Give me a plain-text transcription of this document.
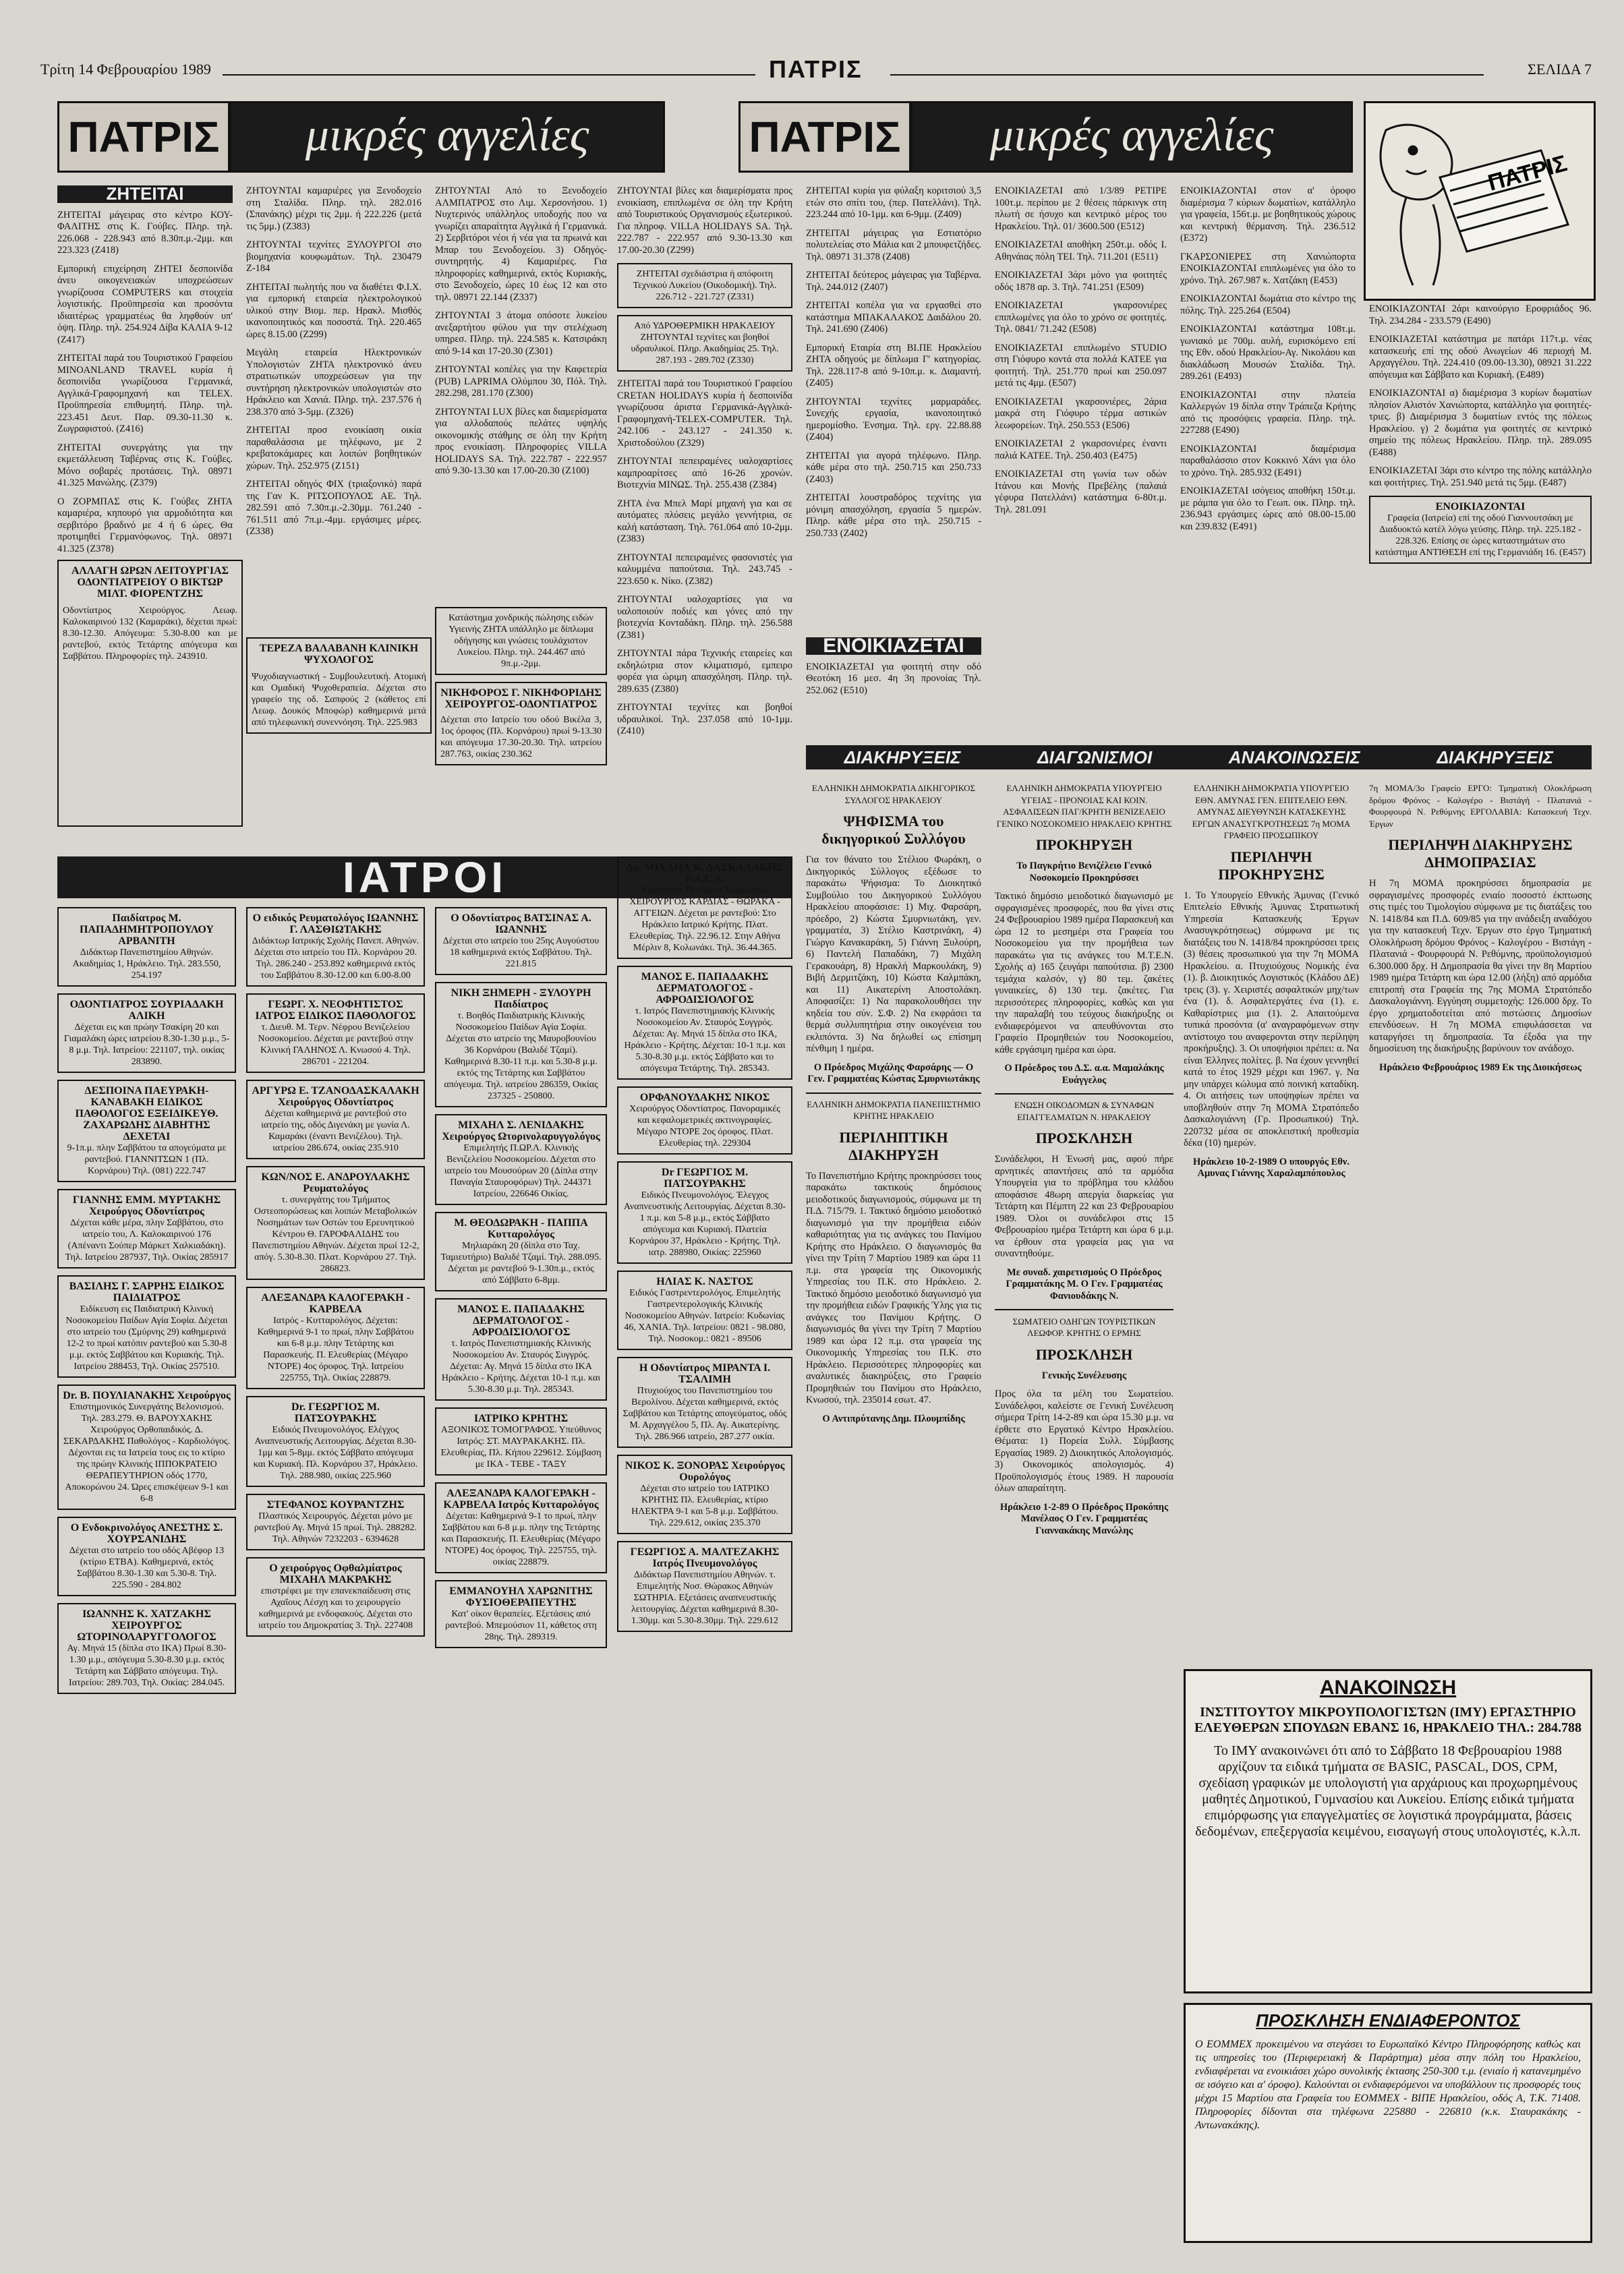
Τρίτη 14 Φεβρουαρίου 1989	ΠΑΤΡΙΣ	ΣΕΛΙΔΑ 7
ΠΑΤΡΙΣ	μικρές αγγελίες	ΠΑΤΡΙΣ	μικρές αγγελίες
ΠΑΤΡΙΣ
ΖΗΤΕΙΤΑΙ

ΖΗΤΕΙΤΑΙ μάγειρας στο κέντρο ΚΟΥ-ΦΑΛΙΤΗΣ στις Κ. Γούβες. Πληρ. τηλ. 226.068 - 228.943 από 8.30π.μ.-2μμ. και 223.323 (Ζ418)

Εμπορική επιχείρηση ΖΗΤΕΙ δεσποινίδα άνευ οικογενειακών υποχρεώσεων γνωρίζουσα COMPUTERS και στοιχεία λογιστικής. Προϋπηρεσία και προσόντα ιδιαιτέρως γραμματέως θα ληφθούν υπ' όψη. Πληρ. τηλ. 254.924 Δίβα ΚΑΛΙΑ 9-12 (Ζ417)

ΖΗΤΕΙΤΑΙ παρά του Τουριστικού Γραφείου MINOANLAND TRAVEL κυρία ή δεσποινίδα γνωρίζουσα Γερμανικά, Αγγλικά-Γραφομηχανή και TELEX. Προϋπηρεσία επιθυμητή. Πληρ. τηλ. 223.451 Δευτ. Παρ. 09.30-11.30 κ. Ζωγραφιστού. (Ζ416)

ΖΗΤΕΙΤΑΙ συνεργάτης για την εκμετάλλευση Ταβέρνας στις Κ. Γούβες. Μόνο σοβαρές προτάσεις. Τηλ. 08971 41.325 Μανώλης. (Ζ379)

Ο ΖΟΡΜΠΑΣ στις Κ. Γούβες ΖΗΤΑ καμαριέρα, κηπουρό για αρμοδιότητα και σερβιτόρο βραδινό με 4 ή 6 ώρες. Θα προτιμηθεί Γερμανόφωνος. Τηλ. 08971 41.325 (Ζ378)

ΖΗΤΟΥΝΤΑΙ καμαριέρες για Ξενοδοχείο στη Σταλίδα. Πληρ. τηλ. 282.016 (Σπανάκης) μέχρι τις 2μμ. ή 222.226 (μετά τις 5μμ.) (Ζ383)

ΖΗΤΟΥΝΤΑΙ τεχνίτες ΞΥΛΟΥΡΓΟΙ στο βιομηχανία κουφωμάτων. Τηλ. 230479 Ζ-184

ΖΗΤΕΙΤΑΙ πωλητής που να διαθέτει Φ.Ι.Χ. για εμπορική εταιρεία ηλεκτρολογικού υλικού στην Βιομ. περ. Ηρακλ. Μισθός ικανοποιητικός και ποσοστά. Τηλ. 220.465 ώρες 8.15.00 (Ζ299)

Μεγάλη εταιρεία Ηλεκτρονικών Υπολογιστών ΖΗΤΑ ηλεκτρονικό άνευ στρατιωτικών υποχρεώσεων για την συντήρηση ηλεκτρονικών υπολογιστών στο Ηράκλειο και Χανιά. Πληρ. τηλ. 237.576 ή 238.370 από 3-5μμ. (Ζ326)

ΖΗΤΕΙΤΑΙ προσ ενοικίαση οικία παραθαλάσσια με τηλέφωνο, με 2 κρεβατοκάμαρες και λοιπών βοηθητικών χώρων. Τηλ. 252.975 (Ζ151)

ΖΗΤΕΙΤΑΙ οδηγός ΦΙΧ (τριαξονικό) παρά της Γαν Κ. ΡΙΤΣΟΠΟΥΛΟΣ ΑΕ. Τηλ. 282.591 από 7.30π.μ.-2.30μμ. 761.240 - 761.511 από 7π.μ.-4μμ. εργάσιμες μέρες. (Ζ338)

ΖΗΤΟΥΝΤΑΙ Από το Ξενοδοχείο ΑΛΜΠΑΤΡΟΣ στο Λιμ. Χερσονήσου. 1) Νυχτερινός υπάλληλος υποδοχής που να γνωρίζει απαραίτητα Αγγλικά ή Γερμανικά. 2) Σερβιτόροι νέοι ή νέα για τα πρωινά και Μπαρ του Ξενοδοχείου. 3) Οδηγός-συντηρητής. 4) Καμαριέρες. Για πληροφορίες καθημερινά, εκτός Κυριακής, στο Ξενοδοχείο, ώρες 10 έως 12 και στο τηλ. 08971 22.144 (Ζ337)

ΖΗΤΟΥΝΤΑΙ 3 άτομα οπόσοτε λυκείου ανεξαρτήτου φύλου για την στελέχωση υπηρεσ. Πληρ. τηλ. 224.585 κ. Κατσιράκη από 9-14 και 17-20.30 (Ζ301)

ΖΗΤΟΥΝΤΑΙ κοπέλες για την Καφετερία (PUB) LAPRIMA Ολύμπου 30, Πόλ. Τηλ. 282.298, 281.170 (Ζ300)

ΖΗΤΟΥΝΤΑΙ LUX βίλες και διαμερίσματα για αλλοδαπούς πελάτες υψηλής οικονομικής στάθμης σε όλη την Κρήτη προς ενοικίαση. Πληροφορίες VILLA HOLIDAYS SA. Τηλ. 222.787 - 222.957 από 9.30-13.30 και 17.00-20.30 (Ζ100)

ΖΗΤΟΥΝΤΑΙ βίλες και διαμερίσματα προς ενοικίαση, επιπλωμένα σε όλη την Κρήτη από Τουριστικούς Οργανισμούς εξωτερικού. Για πληροφ. VILLA HOLIDAYS SA. Τηλ. 222.787 - 222.957 από 9.30-13.30 και 17.00-20.30 (Ζ299)

ΖΗΤΕΙΤΑΙ σχεδιάστρια ή απόφοιτη Τεχνικού Λυκείου (Οικοδομική). Τηλ. 226.712 - 221.727 (Ζ331)
Από ΥΔΡΟΘΕΡΜΙΚΗ ΗΡΑΚΛΕΙΟΥ ΖΗΤΟΥΝΤΑΙ τεχνίτες και βοηθοί υδραυλικοί. Πληρ. Ακαδημίας 25. Τηλ. 287.193 - 289.702 (Ζ330)

ΖΗΤΕΙΤΑΙ παρά του Τουριστικού Γραφείου CRETAN HOLIDAYS κυρία ή δεσποινίδα γνωρίζουσα άριστα Γερμανικά-Αγγλικά-Γραφομηχανή-TELEX-COMPUTER. Τηλ. 242.106 - 243.127 - 241.350 κ. Χριστοδούλου (Ζ329)

ΖΗΤΟΥΝΤΑΙ πεπειραμένες υαλοχαρτίσες καμπροαρίτσες από 16-26 χρονών. Βιοτεχνία ΜΙΝΩΣ. Τηλ. 255.438 (Ζ384)

ΖΗΤΑ ένα Μπελ Μαρί μηχανή για και σε αυτόματες πλύσεις μεγάλο γεννήτρια, σε καλή κατάσταση. Τηλ. 761.064 από 10-2μμ. (Ζ383)

ΖΗΤΟΥΝΤΑΙ πεπειραμένες φασονιστές για καλυμμένα παπούτσια. Τηλ. 243.745 - 223.650 κ. Νίκο. (Ζ382)

ΖΗΤΟΥΝΤΑΙ υαλοχαρτίσες για να υαλοποιούν ποδιές και γόνες από την βιοτεχνία Κονταδάκη. Πληρ. τηλ. 256.588 (Ζ381)

ΖΗΤΟΥΝΤΑΙ πάρα Τεχνικής εταιρείες και εκδηλώτρια στον κλιματισμό, εμπειρο φορέα για ώριμη απασχόληση. Πληρ. τηλ. 289.635 (Ζ380)

ΖΗΤΟΥΝΤΑΙ τεχνίτες και βοηθοί υδραυλικοί. Τηλ. 237.058 από 10-1μμ. (Ζ410)

ΖΗΤΕΙΤΑΙ κυρία για φύλαξη κοριτσιού 3,5 ετών στο σπίτι του, (περ. Πατελλάνι). Τηλ. 223.244 από 10-1μμ. και 6-9μμ. (Ζ409)

ΖΗΤΕΙΤΑΙ μάγειρας για Εστιατόριο πολυτελείας στο Μάλια και 2 μπουφετζήδες. Τηλ. 08971 31.378 (Ζ408)

ΖΗΤΕΙΤΑΙ δεύτερος μάγειρας για Ταβέρνα. Τηλ. 244.012 (Ζ407)

ΖΗΤΕΙΤΑΙ κοπέλα για να εργασθεί στο κατάστημα ΜΠΑΚΑΛΑΚΟΣ Δαιδάλου 20. Τηλ. 241.690 (Ζ406)

Εμπορική Εταιρία στη ΒΙ.ΠΕ Ηρακλείου ΖΗΤΑ οδηγούς με δίπλωμα Γ' κατηγορίας. Τηλ. 228.117-8 από 9-10π.μ. κ. Διαμαντή. (Ζ405)

ΖΗΤΟΥΝΤΑΙ τεχνίτες μαρμαράδες. Συνεχής εργασία, ικανοποιητικό ημερομίσθιο. Ένσημα. Τηλ. εργ. 22.88.88 (Ζ404)

ΖΗΤΕΙΤΑΙ για αγορά τηλέφωνο. Πληρ. κάθε μέρα στο τηλ. 250.715 και 250.733 (Ζ403)

ΖΗΤΕΙΤΑΙ λουστραδόρος τεχνίτης για μόνιμη απασχόληση, εργασία 5 ημερών. Πληρ. κάθε μέρα στο τηλ. 250.715 - 250.733 (Ζ402)

ΕΝΟΙΚΙΑΖΕΤΑΙ

ΕΝΟΙΚΙΑΖΕΤΑΙ για φοιτητή στην οδό Θεοτόκη 16 μεσ. 4η 3η προνοίας Τηλ. 252.062 (Ε510)

ΕΝΟΙΚΙΑΖΕΤΑΙ από 1/3/89 ΡΕΤΙΡΕ 100τ.μ. περίπου με 2 θέσεις πάρκινγκ στη πλωτή σε ήσυχο και κεντρικό μέρος του Ηρακλείου. Τηλ. 01/ 3600.500 (Ε512)

ΕΝΟΙΚΙΑΖΕΤΑΙ αποθήκη 250τ.μ. οδός Ι. Αθηνάιας πόλη ΤΕΙ. Τηλ. 711.201 (Ε511)

ΕΝΟΙΚΙΑΖΕΤΑΙ 3άρι μόνο για φοιτητές οδός 1878 αρ. 3. Τηλ. 741.251 (Ε509)

ΕΝΟΙΚΙΑΖΕΤΑΙ γκαρσονιέρες επιπλωμένες για όλο το χρόνο σε φοιτητές. Τηλ. 0841/ 71.242 (Ε508)

ΕΝΟΙΚΙΑΖΕΤΑΙ επιπλωμένο STUDIO στη Γιόφυρο κοντά στα πολλά ΚΑΤΕΕ για φοιτητή. Τηλ. 251.770 πρωί και 250.097 μετά τις 4μμ. (Ε507)

ΕΝΟΙΚΙΑΖΕΤΑΙ γκαρσονιέρες, 2άρια μακρά στη Γιόφυρο τέρμα αστικών λεωφορείων. Τηλ. 250.553 (Ε506)

ΕΝΟΙΚΙΑΖΕΤΑΙ 2 γκαρσονιέρες έναντι παλιά ΚΑΤΕΕ. Τηλ. 250.403 (Ε475)

ΕΝΟΙΚΙΑΖΕΤΑΙ στη γωνία των οδών Ιτάνου και Μονής Πρεβέλης (παλαιά γέφυρα Πατελλάνι) κατάστημα 6-80τ.μ. Τηλ. 281.091

ΕΝΟΙΚΙΑΖΟΝΤΑΙ στον α' όροφο διαμέρισμα 7 κύριων δωματίων, κατάλληλο για γραφεία, 156τ.μ. με βοηθητικούς χώρους και κεντρική θέρμανση. Τηλ. 236.512 (Ε372)

ΓΚΑΡΣΟΝΙΕΡΕΣ στη Χανιώπορτα ΕΝΟΙΚΙΑΖΟΝΤΑΙ επιπλωμένες για όλο το χρόνο. Τηλ. 267.987 κ. Χατζάκη (Ε453)

ΕΝΟΙΚΙΑΖΟΝΤΑΙ δωμάτια στο κέντρο της πόλης. Τηλ. 225.264 (Ε504)

ΕΝΟΙΚΙΑΖΟΝΤΑΙ κατάστημα 108τ.μ. γωνιακό με 700μ. αυλή, ευρισκόμενο επί της Εθν. οδού Ηρακλείου-Αγ. Νικολάου και διακλάδωση Μουσών Σταλίδα. Τηλ. 289.261 (Ε493)

ΕΝΟΙΚΙΑΖΟΝΤΑΙ στην πλατεία Καλλεργών 19 δίπλα στην Τράπεζα Κρήτης από τις προσόψεις γραφεία. Πληρ. τηλ. 227288 (Ε490)

ΕΝΟΙΚΙΑΖΟΝΤΑΙ διαμέρισμα παραθαλάσσιο στον Κοκκινό Χάνι για όλο το χρόνο. Τηλ. 285.932 (Ε491)

ΕΝΟΙΚΙΑΖΕΤΑΙ ισόγειος αποθήκη 150τ.μ. με ράμπα για όλο το Γεωπ. οικ. Πληρ. τηλ. 236.943 εργάσιμες ώρες από 08.00-15.00 και 239.832 (Ε491)

ΕΝΟΙΚΙΑΖΟΝΤΑΙ 2άρι καινούργιο Εροφριάδος 96. Τηλ. 234.284 - 233.579 (Ε490)

ΕΝΟΙΚΙΑΖΕΤΑΙ κατάστημα με πατάρι 117τ.μ. νέας κατασκευής επί της οδού Ανωγείων 46 περιοχή Μ. Αρχαγγέλου. Τηλ. 224.410 (09.00-13.30), 08921 31.222 απόγευμα και Σάββατο και Κυριακή. (Ε489)

ΕΝΟΙΚΙΑΖΟΝΤΑΙ α) διαμέρισμα 3 κυρίων δωματίων πλησίον Αλιστόν Χανιώπορτα, κατάλληλο για φοιτητές-τριες. β) Διαμέρισμα 3 δωματίων εντός της πόλεως Ηρακλείου. γ) 2 δωμάτια για φοιτητές σε κεντρικό σημείο της πόλεως Ηρακλείου. Πληρ. τηλ. 289.095 (Ε488)

ΕΝΟΙΚΙΑΖΕΤΑΙ 3άρι στο κέντρο της πόλης κατάλληλο και φοιτήτριες. Τηλ. 251.940 μετά τις 5μμ. (Ε487)

ΕΝΟΙΚΙΑΖΟΝΤΑΙ
Γραφεία (Ιατρεία) επί της οδού Γιαννουτσάκη με Διαδυοκτώ κατέλ λόγω γεύσης. Πληρ. τηλ. 225.182 - 228.326. Επίσης σε ώρες καταστημάτων στο κατάστημα ΑΝΤΙΘΕΣΗ επί της Γερμανιάδη 16. (Ε457)
ΑΛΛΑΓΗ ΩΡΩΝ ΛΕΙΤΟΥΡΓΙΑΣ ΟΔΟΝΤΙΑΤΡΕΙΟΥ Ο ΒΙΚΤΩΡ ΜΙΛΤ. ΦΙΟΡΕΝΤΖΗΣ
Οδοντίατρος Χειρούργος. Λεωφ. Καλοκαιρινού 132 (Καμαράκι), δέχεται πρωί: 8.30-12.30. Απόγευμα: 5.30-8.00 και με ραντεβού, εκτός Τετάρτης απόγευμα και Σαββάτου. Πληροφορίες τηλ. 243910.
ΤΕΡΕΖΑ ΒΑΛΑΒΑΝΗ ΚΛΙΝΙΚΗ ΨΥΧΟΛΟΓΟΣ
Ψυχοδιαγνωστική - Συμβουλευτική. Ατομική και Ομαδική Ψυχοθεραπεία. Δέχεται στο γραφείο της οδ. Σαπφούς 2 (κάθετος επί Λεωφ. Δουκός Μποφώρ) καθημερινά μετά από τηλεφωνική συνεννόηση. Τηλ. 225.983
Κατάστημα χονδρικής πώλησης ειδών Υγιεινής ΖΗΤΑ υπάλληλο με δίπλωμα οδήγησης και γνώσεις τουλάχιστον Λυκείου. Πληρ. τηλ. 244.467 από 9π.μ.-2μμ.
ΝΙΚΗΦΟΡΟΣ Γ. ΝΙΚΗΦΟΡΙΔΗΣ ΧΕΙΡΟΥΡΓΟΣ-ΟΔΟΝΤΙΑΤΡΟΣ
Δέχεται στο Ιατρείο του οδού Βικέλα 3, 1ος όροφος (Πλ. Κορνάρου) πρωί 9-13.30 και απόγευμα 17.30-20.30. Τηλ. ιατρείου 287.763, οικίας 230.362
ΙΑΤΡΟΙ
Παιδίατρος Μ. ΠΑΠΑΔΗΜΗΤΡΟΠΟΥΛΟΥ ΑΡΒΑΝΙΤΗ
Διδάκτωρ Πανεπιστημίου Αθηνών. Ακαδημίας 1, Ηράκλειο. Τηλ. 283.550, 254.197
ΟΔΟΝΤΙΑΤΡΟΣ ΣΟΥΡΙΑΔΑΚΗ ΑΛΙΚΗ
Δέχεται εις και πρώην Τσακίρη 20 και Γιαμαλάκη ώρες ιατρείου 8.30-1.30 μ.μ., 5-8 μ.μ. Τηλ. Ιατρείου: 221107, τηλ. οικίας 283890.
ΔΕΣΠΟΙΝΑ ΠΑΕΥΡΑΚΗ-ΚΑΝΑΒΑΚΗ ΕΙΔΙΚΟΣ ΠΑΘΟΛΟΓΟΣ ΕΞΕΙΔΙΚΕΥΘ. ΖΑΧΑΡΩΔΗΣ ΔΙΑΒΗΤΗΣ ΔΕΧΕΤΑΙ
9-1π.μ. πλην Σαββάτου τα απογεύματα με ραντεβού. ΓΙΑΝΝΙΤΣΩΝ 1 (Πλ. Κορνάρου) Τηλ. (081) 222.747
ΓΙΑΝΝΗΣ ΕΜΜ. ΜΥΡΤΑΚΗΣ Χειρούργος Οδοντίατρος
Δέχεται κάθε μέρα, πλην Σαββάτου, στο ιατρείο του, Λ. Καλοκαιρινού 176 (Απέναντι Σούπερ Μάρκετ Χαλκιαδάκη). Τηλ. Ιατρείου 287937, Τηλ. Οικίας 285917
ΒΑΣΙΛΗΣ Γ. ΣΑΡΡΗΣ ΕΙΔΙΚΟΣ ΠΑΙΔΙΑΤΡΟΣ
Ειδίκευση εις Παιδιατρική Κλινική Νοσοκομείου Παίδων Αγία Σοφία. Δέχεται στο ιατρείο του (Σμύρνης 29) καθημερινά 12-2 το πρωί κατόπιν ραντεβού και 5.30-8 μ.μ. εκτός Σαββάτου και Κυριακής. Τηλ. Ιατρείου 288453, Τηλ. Οικίας 257510.
Dr. Β. ΠΟΥΛΙΑΝΑΚΗΣ Χειρούργος
Επιστημονικός Συνεργάτης Βελονισμού. Τηλ. 283.279. Θ. ΒΑΡΟΥΧΑΚΗΣ Χειρούργος Ορθοπαιδικός. Δ. ΣΕΚΑΡΔΑΚΗΣ Παθολόγος - Καρδιολόγος. Δέχονται εις τα Ιατρεία τους εις το κτίριο της πρώην Κλινικής ΙΠΠΟΚΡΑΤΕΙΟ ΘΕΡΑΠΕΥΤΗΡΙΟΝ οδός 1770, Αποκορώνου 24. Ώρες επισκέψεων 9-1 και 6-8
Ο Ενδοκρινολόγος ΑΝΕΣΤΗΣ Σ. ΧΟΥΡΣΑΝΙΔΗΣ
Δέχεται στο ιατρείο του οδός Αβέφορ 13 (κτίριο ΕΤΒΑ). Καθημερινά, εκτός Σαββάτου 8.30-1.30 και 5.30-8. Τηλ. 225.590 - 284.802
ΙΩΑΝΝΗΣ Κ. ΧΑΤΖΑΚΗΣ ΧΕΙΡΟΥΡΓΟΣ ΩΤΟΡΙΝΟΛΑΡΥΓΓΟΛΟΓΟΣ
Αγ. Μηνά 15 (δίπλα στο ΙΚΑ) Πρωί 8.30-1.30 μ.μ., απόγευμα 5.30-8.30 μ.μ. εκτός Τετάρτη και Σάββατο απόγευμα. Τηλ. Ιατρείου: 289.703, Τηλ. Οικίας: 284.045.
Ο ειδικός Ρευματολόγος ΙΩΑΝΝΗΣ Γ. ΛΑΣΘΙΩΤΑΚΗΣ
Διδάκτωρ Ιατρικής Σχολής Πανεπ. Αθηνών. Δέχεται στο ιατρείο του Πλ. Κορνάρου 20. Τηλ. 286.240 - 253.892 καθημερινά εκτός του Σαββάτου 8.30-12.00 και 6.00-8.00
ΓΕΩΡΓ. Χ. ΝΕΟΦΗΤΙΣΤΟΣ ΙΑΤΡΟΣ ΕΙΔΙΚΟΣ ΠΑΘΟΛΟΓΟΣ
τ. Διευθ. Μ. Τερν. Νέφρου Βενιζελείου Νοσοκομείου. Δέχεται με ραντεβού στην Κλινική ΓΑΛΗΝΟΣ Λ. Κνωσού 4. Τηλ. 286701 - 221204.
ΑΡΓΥΡΩ Ε. ΤΖΑΝΟΔΑΣΚΑΛΑΚΗ Χειρούργος Οδοντίατρος
Δέχεται καθημερινά με ραντεβού στο ιατρείο της, οδός Διγενάκη με γωνία Λ. Καμαράκι (έναντι Βενιζέλου). Τηλ. ιατρείου 286.674, οικίας 235.910
ΚΩΝ/ΝΟΣ Ε. ΑΝΔΡΟΥΛΑΚΗΣ Ρευματολόγος
τ. συνεργάτης του Τμήματος Οστεοπορώσεως και λοιπών Μεταβολικών Νοσημάτων των Οστών του Ερευνητικού Κέντρου Θ. ΓΑΡΟΦΑΛΙΔΗΣ του Πανεπιστημίου Αθηνών. Δέχεται πρωί 12-2, απόγ. 5.30-8.30. Πλατ. Κορνάρου 27. Τηλ. 286823.
ΑΛΕΞΑΝΔΡΑ ΚΑΛΟΓΕΡΑΚΗ - ΚΑΡΒΕΛΑ
Ιατρός - Κυτταρολόγος. Δέχεται: Καθημερινά 9-1 το πρωί, πλην Σαββάτου και 6-8 μ.μ. πλην Τετάρτης και Παρασκευής. Π. Ελευθερίας (Μέγαρο ΝΤΟΡΕ) 4ος όροφος. Τηλ. Ιατρείου 225755, Τηλ. Οικίας 228879.
Dr. ΓΕΩΡΓΙΟΣ Μ. ΠΑΤΣΟΥΡΑΚΗΣ
Ειδικός Πνευμονολόγος. Ελέγχος Αναπνευστικής Λειτουργίας. Δέχεται 8.30-1μμ και 5-8μμ. εκτός Σάββατο απόγευμα και Κυριακή. Πλ. Κορνάρου 37, Ηράκλειο. Τηλ. 288.980, οικίας 225.960
ΣΤΕΦΑΝΟΣ ΚΟΥΡΑΝΤΖΗΣ
Πλαστικός Χειρουργός. Δέχεται μόνο με ραντεβού Αγ. Μηνά 15 πρωί. Τηλ. 288282. Τηλ. Αθηνών 7232203 - 6394628
Ο χειρούργος Οφθαλμίατρος ΜΙΧΑΗΛ ΜΑΚΡΑΚΗΣ
επιστρέφει με την επανεκπαίδευση στις Αχαΐους Λέσχη και το χειρουργείο καθημερινά με ενδοφακούς. Δέχεται στο ιατρείο του Δημοκρατίας 3. Τηλ. 227408
Ο Οδοντίατρος ΒΑΤΣΙΝΑΣ Α. ΙΩΑΝΝΗΣ
Δέχεται στο ιατρείο του 25ης Αυγούστου 18 καθημερινά εκτός Σαββάτου. Τηλ. 221.815
ΝΙΚΗ ΞΗΜΕΡΗ - ΞΥΛΟΥΡΗ Παιδίατρος
τ. Βοηθός Παιδιατρικής Κλινικής Νοσοκομείου Παίδων Αγία Σοφία. Δέχεται στο ιατρείο της Μαυροβουνίου 36 Κορνάρου (Βαλιδέ Τζαμί). Καθημερινά 8.30-11 π.μ. και 5.30-8 μ.μ. εκτός της Τετάρτης και Σαββάτου απόγευμα. Τηλ. ιατρείου 286359, Οικίας 237325 - 250800.
ΜΙΧΑΗΛ Σ. ΛΕΝΙΔΑΚΗΣ Χειρούργος Ωτορινολαρυγγολόγος
Επιμελητής Π.ΩΡ.Λ. Κλινικής Βενιζελείου Νοσοκομείου. Δέχεται στο ιατρείο του Μουσούρων 20 (Δίπλα στην Παναγία Σταυροφόρων) Τηλ. 244371 Ιατρείου, 226646 Οικίας.
Μ. ΘΕΟΔΩΡΑΚΗ - ΠΑΠΠΑ Κυτταρολόγος
Μηλιαράκη 20 (δίπλα στο Ταχ. Ταμιευτήριο) Βαλιδέ Τζαμί. Τηλ. 288.095. Δέχεται με ραντεβού 9-1.30π.μ., εκτός από Σάββατο 6-8μμ.
ΜΑΝΟΣ Ε. ΠΑΠΑΔΑΚΗΣ ΔΕΡΜΑΤΟΛΟΓΟΣ - ΑΦΡΟΔΙΣΙΟΛΟΓΟΣ
τ. Ιατρός Πανεπιστημιακής Κλινικής Νοσοκομείου Αν. Σταυρός Συγγρός. Δέχεται: Αγ. Μηνά 15 δίπλα στο ΙΚΑ Ηράκλειο - Κρήτης. Δέχεται 10-1 π.μ. και 5.30-8.30 μ.μ. Τηλ. 285343.
ΙΑΤΡΙΚΟ ΚΡΗΤΗΣ
ΑΞΟΝΙΚΟΣ ΤΟΜΟΓΡΑΦΟΣ. Υπεύθυνος Ιατρός: ΣΤ. ΜΑΥΡΑΚΑΚΗΣ. Πλ. Ελευθερίας, Πλ. Κήπου 229612. Σύμβαση με ΙΚΑ - ΤΕΒΕ - ΤΑΞΥ
ΑΛΕΞΑΝΔΡΑ ΚΑΛΟΓΕΡΑΚΗ - ΚΑΡΒΕΛΑ Ιατρός Κυτταρολόγος
Δέχεται: Καθημερινά 9-1 το πρωί, πλην Σαββάτου και 6-8 μ.μ. πλην της Τετάρτης και Παρασκευής. Π. Ελευθερίας (Μέγαρο ΝΤΟΡΕ) 4ος όροφος. Τηλ. 225755, τηλ. οικίας 228879.
ΕΜΜΑΝΟΥΗΛ ΧΑΡΩΝΙΤΗΣ ΦΥΣΙΟΘΕΡΑΠΕΥΤΗΣ
Κατ' οίκον θεραπείες. Εξετάσεις από ραντεβού. Μπεμούσιον 11, κάθετος στη 28ης. Τηλ. 289319.
Δρ. ΜΙΧΑΗΛ Κ. ΔΑΣΚΑΛΑΚΗΣ F.A.C.S.
Καθηγητής Παν/μίου Χειρούργος ΧΕΙΡΟΥΡΓΟΣ ΚΑΡΔΙΑΣ - ΘΩΡΑΚΑ - ΑΓΓΕΙΩΝ. Δέχεται με ραντεβού: Στο Ηράκλειο Ιατρικό Κρήτης. Πλατ. Ελευθερίας. Τηλ. 22.96.12. Στην Αθήνα Μέρλιν 8, Κολωνάκι. Τηλ. 36.44.365.
ΜΑΝΟΣ Ε. ΠΑΠΑΔΑΚΗΣ ΔΕΡΜΑΤΟΛΟΓΟΣ - ΑΦΡΟΔΙΣΙΟΛΟΓΟΣ
τ. Ιατρός Πανεπιστημιακής Κλινικής Νοσοκομείου Αν. Σταυρός Συγγρός. Δέχεται: Αγ. Μηνά 15 δίπλα στο ΙΚΑ, Ηράκλειο - Κρήτης. Δέχεται: 10-1 π.μ. και 5.30-8.30 μ.μ. εκτός Σάββατο και το απόγευμα Τετάρτης. Τηλ. 285343.
ΟΡΦΑΝΟΥΔΑΚΗΣ ΝΙΚΟΣ
Χειρούργος Οδοντίατρος. Πανοραμικές και κεφαλομετρικές ακτινογραφίες. Μέγαρο ΝΤΟΡΕ 2ος όροφος. Πλατ. Ελευθερίας τηλ. 229304
Dr ΓΕΩΡΓΙΟΣ Μ. ΠΑΤΣΟΥΡΑΚΗΣ
Ειδικός Πνευμονολόγος. Έλεγχος Αναπνευστικής Λειτουργίας. Δέχεται 8.30-1 π.μ. και 5-8 μ.μ., εκτός Σάββατο απόγευμα και Κυριακή. Πλατεία Κορνάρου 37, Ηράκλειο - Κρήτης. Τηλ. ιατρ. 288980, Οικίας: 225960
ΗΛΙΑΣ Κ. ΝΑΣΤΟΣ
Ειδικός Γαστρεντερολόγος. Επιμελητής Γαστρεντερολογικής Κλινικής Νοσοκομείου Αθηνών. Ιατρείο: Κυδωνίας 46, ΧΑΝΙΑ. Τηλ. Ιατρείου: 0821 - 98.080, Τηλ. Νοσοκομ.: 0821 - 89506
Η Οδοντίατρος ΜΙΡΑΝΤΑ Ι. ΤΣΑΛΙΜΗ
Πτυχιούχος του Πανεπιστημίου του Βερολίνου. Δέχεται καθημερινά, εκτός Σαββάτου και Τετάρτης απογεύματος, οδός Μ. Αρχαγγέλου 5, Πλ. Αγ. Αικατερίνης. Τηλ. 286.966 ιατρείο, 287.277 οικία.
ΝΙΚΟΣ Κ. ΞΟΝΟΡΑΣ Χειρούργος Ουρολόγος
Δέχεται στο ιατρείο του ΙΑΤΡΙΚΟ ΚΡΗΤΗΣ Πλ. Ελευθερίας, κτίριο ΗΛΕΚΤΡΑ 9-1 και 5-8 μ.μ. Σαββάτου. Τηλ. 229.612, οικίας 235.370
ΓΕΩΡΓΙΟΣ Α. ΜΑΛΤΕΖΑΚΗΣ Ιατρός Πνευμονολόγος
Διδάκτωρ Πανεπιστημίου Αθηνών. τ. Επιμελητής Νοσ. Θώρακος Αθηνών ΣΩΤΗΡΙΑ. Εξετάσεις αναπνευστικής λειτουργίας. Δέχεται καθημερινά 8.30-1.30μμ. και 5.30-8.30μμ. Τηλ. 229.612
ΔΙΑΚΗΡΥΞΕΙΣ	ΔΙΑΓΩΝΙΣΜΟΙ	ΑΝΑΚΟΙΝΩΣΕΙΣ	ΔΙΑΚΗΡΥΞΕΙΣ

ΕΛΛΗΝΙΚΗ ΔΗΜΟΚΡΑΤΙΑ ΔΙΚΗΓΟΡΙΚΟΣ ΣΥΛΛΟΓΟΣ ΗΡΑΚΛΕΙΟΥ

ΨΗΦΙΣΜΑ του δικηγορικού Συλλόγου

Για τον θάνατο του Στέλιου Φωράκη, ο Δικηγορικός Σύλλογος εξέδωσε το παρακάτω Ψήφισμα: Το Διοικητικό Συμβούλιο του Δικηγορικού Συλλόγου Ηρακλείου αποφάσισε: 1) Μιχ. Φαρσάρη, πρόεδρο, 2) Κώστα Σμυρνιωτάκη, γεν. γραμματέα, 3) Στέλιο Καστρινάκη, 4) Γιώργο Κανακαράκη, 5) Γιάννη Ξυλούρη, 6) Παντελή Παπαδάκη, 7) Μιχάλη Γερακουάρη, 8) Ηρακλή Μαρκουλάκη, 9) Βιβή Δερμιτζάκη, 10) Κώστα Καλμπάκη, και 11) Αικατερίνη Αποστολάκη. Αποφασίζει: 1) Να παρακολουθήσει την κηδεία του σύν. Σ.Φ. 2) Να εκφράσει τα θερμά συλλυπητήρια στην οικογένεια του εκλιπόντα. 3) Να δηλωθεί ως επίσημη πένθιμη 1 ημέρα.

Ο Πρόεδρος Μιχάλης Φαρσάρης — Ο Γεν. Γραμματέας Κώστας Σμυρνιωτάκης

ΕΛΛΗΝΙΚΗ ΔΗΜΟΚΡΑΤΙΑ ΠΑΝΕΠΙΣΤΗΜΙΟ ΚΡΗΤΗΣ ΗΡΑΚΛΕΙΟ

ΠΕΡΙΛΗΠΤΙΚΗ ΔΙΑΚΗΡΥΞΗ

Το Πανεπιστήμιο Κρήτης προκηρύσσει τους παρακάτω τακτικούς δημόσιους μειοδοτικούς διαγωνισμούς, σύμφωνα με τη Π.Δ. 715/79. 1. Τακτικό δημόσιο μειοδοτικό διαγωνισμό για την προμήθεια ειδών καθαριότητας για τις ανάγκες του Πανίμου Κρήτης στο Ηράκλειο. Ο διαγωνισμός θα γίνει την Τρίτη 7 Μαρτίου 1989 και ώρα 11 π.μ. στα γραφεία της Οικονομικής Υπηρεσίας του Π.Κ. στο Ηράκλειο. 2. Τακτικό δημόσιο μειοδοτικό διαγωνισμό για την προμήθεια ειδών Γραφικής Ύλης για τις ανάγκες του Πανίμου Κρήτης. Ο διαγωνισμός θα γίνει την Τρίτη 7 Μαρτίου 1989 και ώρα 12 π.μ. στα γραφεία της Οικονομικής Υπηρεσίας του Π.Κ. στο Ηράκλειο. Περισσότερες πληροφορίες και αναλυτικές διακηρύξεις, στο Γραφείο Προμηθειών του Πανίμου στο Ηράκλειο, Κνωσού, τηλ. 235014 εσωτ. 47.

Ο Αντιπρύτανης Δημ. Πλουμπίδης

ΕΛΛΗΝΙΚΗ ΔΗΜΟΚΡΑΤΙΑ ΥΠΟΥΡΓΕΙΟ ΥΓΕΙΑΣ - ΠΡΟΝΟΙΑΣ ΚΑΙ ΚΟΙΝ. ΑΣΦΑΛΙΣΕΩΝ ΠΑΓ/ΚΡΗΤΗ ΒΕΝΙΖΕΛΕΙΟ ΓΕΝΙΚΟ ΝΟΣΟΚΟΜΕΙΟ ΗΡΑΚΛΕΙΟ ΚΡΗΤΗΣ

ΠΡΟΚΗΡΥΞΗ

Το Παγκρήτιο Βενιζέλειο Γενικό Νοσοκομείο Προκηρύσσει

Τακτικό δημόσιο μειοδοτικό διαγωνισμό με σφραγισμένες προσφορές, που θα γίνει στις 24 Φεβρουαρίου 1989 ημέρα Παρασκευή και ώρα 12 το μεσημέρι στα Γραφεία του Νοσοκομείου για την προμήθεια των παρακάτω για τις ανάγκες του Μ.Τ.Ε.Ν. Σχολής α) 165 ζευγάρι παπούτσια. β) 2300 τεμάχια καλσόν, γ) 80 τεμ. ζακέτες γυναικείες, δ) 130 τεμ. ζακέτες. Για περισσότερες πληροφορίες, καθώς και για την παραλαβή του τεύχους διακήρυξης οι ενδιαφερόμενοι να απευθύνονται στο Γραφείο Προμηθειών του Νοσοκομείου, κάθε εργάσιμη ημέρα και ώρα.

Ο Πρόεδρος του Δ.Σ. α.α. Μαμαλάκης Ευάγγελος

ΕΝΩΣΗ ΟΙΚΟΔΟΜΩΝ & ΣΥΝΑΦΩΝ ΕΠΑΓΓΕΛΜΑΤΩΝ Ν. ΗΡΑΚΛΕΙΟΥ

ΠΡΟΣΚΛΗΣΗ

Συνάδελφοι, Η Ένωσή μας, αφού πήρε αρνητικές απαντήσεις από τα αρμόδια Υπουργεία για το πρόβλημα του κλάδου αποφάσισε 48ωρη απεργία διαρκείας για Τετάρτη και Πέμπτη 22 και 23 Φεβρουαρίου 1989. Όλοι οι συνάδελφοι στις 15 Φεβρουαρίου ημέρα Τετάρτη και ώρα 6 μ.μ. να έρθουν στα γραφεία μας για να συναντηθούμε.

Με συναδ. χαιρετισμούς Ο Πρόεδρος Γραμματάκης Μ. Ο Γεν. Γραμματέας Φανιουδάκης Ν.

ΣΩΜΑΤΕΙΟ ΟΔΗΓΩΝ ΤΟΥΡΙΣΤΙΚΩΝ ΛΕΩΦΟΡ. ΚΡΗΤΗΣ Ο ΕΡΜΗΣ

ΠΡΟΣΚΛΗΣΗ

Γενικής Συνέλευσης

Προς όλα τα μέλη του Σωματείου. Συνάδελφοι, καλείστε σε Γενική Συνέλευση σήμερα Τρίτη 14-2-89 και ώρα 15.30 μ.μ. να έρθετε στο Εργατικό Κέντρο Ηρακλείου. Θέματα: 1) Πορεία Συλλ. Σύμβασης Εργασίας 1989. 2) Διοικητικός Απολογισμός. 3) Οικονομικός απολογισμός. 4) Προϋπολογισμός έτους 1989. Η παρουσία όλων απαραίτητη.

Ηράκλειο 1-2-89 Ο Πρόεδρος Προκόπης Μανέλαος Ο Γεν. Γραμματέας Γιαννακάκης Μανώλης

ΕΛΛΗΝΙΚΗ ΔΗΜΟΚΡΑΤΙΑ ΥΠΟΥΡΓΕΙΟ ΕΘΝ. ΑΜΥΝΑΣ ΓΕΝ. ΕΠΙΤΕΛΕΙΟ ΕΘΝ. ΑΜΥΝΑΣ ΔΙΕΥΘΥΝΣΗ ΚΑΤΑΣΚΕΥΗΣ ΕΡΓΩΝ ΑΝΑΣΥΓΚΡΟΤΗΣΕΩΣ 7η ΜΟΜΑ ΓΡΑΦΕΙΟ ΠΡΟΣΩΠΙΚΟΥ

ΠΕΡΙΛΗΨΗ ΠΡΟΚΗΡΥΞΗΣ

1. Το Υπουργείο Εθνικής Άμυνας (Γενικό Επιτελείο Εθνικής Άμυνας Στρατιωτική Υπηρεσία Κατασκευής Έργων Ανασυγκρότησεως) σύμφωνα με τις διατάξεις του Ν. 1418/84 προκηρύσσει τρεις (3) θέσεις προσωπικού για την 7η ΜΟΜΑ Ηρακλείου. α. Πτυχιούχους Νομικής ένα (1). β. Διοικητικός Λογιστικός (Κλάδου ΔΕ) τρεις (3). γ. Χειριστές ασφαλτικών μηχ/των ένα (1). δ. Ασφαλτεργάτες ένα (1). ε. Καθαρίστριες μια (1). 2. Απαιτούμενα τυπικά προσόντα (α' αναγραφόμενων στην αντίστοιχο του αναφερονται στην περίληψη προκήρυξης). 3. Οι υποψήφιοι πρέπει: α. Να είναι Έλληνες πολίτες. β. Να έχουν γεννηθεί κατά το έτος 1929 μέχρι και 1967. γ. Να μην υπάρχει κώλυμα από ποινική καταδίκη. 4. Οι αιτήσεις των υποψηφίων πρέπει να υποβληθούν στην 7η ΜΟΜΑ Στρατόπεδο Δασκαλογιάννη (Γρ. Προσωπικού) Τηλ. 220732 μέσα σε αποκλειστική προθεσμία δέκα (10) ημερών.

Ηράκλειο 10-2-1989 Ο υπουργός Εθν. Αμυνας Γιάννης Χαραλαμπόπουλος

7η ΜΟΜΑ/3ο Γραφείο ΕΡΓΟ: Τμηματική Ολοκλήρωση δρόμου Φρόνος - Καλογέρο - Βιστάγή - Πλατανιά - Φουρφουρά Ν. Ρεθύμνης ΕΡΓΟΛΑΒΙΑ: Κατασκευή Τεχν. Έργων

ΠΕΡΙΛΗΨΗ ΔΙΑΚΗΡΥΞΗΣ ΔΗΜΟΠΡΑΣΙΑΣ

Η 7η ΜΟΜΑ προκηρύσσει δημοπρασία με σφραγισμένες προσφορές ενιαίο ποσοστό έκπτωσης στις τιμές του Τιμολογίου σύμφωνα με τις διατάξεις του Ν. 1418/84 και Π.Δ. 609/85 για την ανάδειξη αναδόχου για την κατασκευή Τεχν. Έργων στο έργο Τμηματική Ολοκλήρωση δρόμου Φρόνος - Καλογέρου - Βιστάγη - Πλατανιά - Φουρφουρά Ν. Ρεθύμνης, προϋπολογισμού 6.300.000 δρχ. Η Δημοπρασία θα γίνει την 8η Μαρτίου 1989 ημέρα Τετάρτη και ώρα 12.00 (λήξη) από αρμόδια επιτροπή στα Γραφεία της 7ης ΜΟΜΑ Στρατόπεδο Δασκαλογιάννη. Εγγύηση συμμετοχής: 126.000 δρχ. Το έργο χρηματοδοτείται από πιστώσεις Δημοσίων επενδύσεων. Η 7η ΜΟΜΑ επιφυλάσσεται να καταργήσει τη δημοπρασία. Τα έξοδα για την δημοσίευση της διακήρυξης βαρύνουν τον ανάδοχο.

Ηράκλειο Φεβρουάριος 1989 Εκ της Διοικήσεως

ΑΝΑΚΟΙΝΩΣΗ
ΙΝΣΤΙΤΟΥΤΟΥ ΜΙΚΡΟΥΠΟΛΟΓΙΣΤΩΝ (ΙΜΥ) ΕΡΓΑΣΤΗΡΙΟ ΕΛΕΥΘΕΡΩΝ ΣΠΟΥΔΩΝ ΕΒΑΝΣ 16, ΗΡΑΚΛΕΙΟ ΤΗΛ.: 284.788

Το ΙΜΥ ανακοινώνει ότι από το Σάββατο 18 Φεβρουαρίου 1988 αρχίζουν τα ειδικά τμήματα σε BASIC, PASCAL, DOS, CPM, σχεδίαση γραφικών με υπολογιστή για αρχάριους και προχωρημένους μαθητές Δημοτικού, Γυμνασίου και Λυκείου. Επίσης ειδικά τμήματα επιμόρφωσης για επαγγελματίες σε λογιστικά προγράμματα, βάσεις δεδομένων, επεξεργασία κειμένου, εισαγωγή στους υπολογιστές, κ.λ.π.

ΠΡΟΣΚΛΗΣΗ ΕΝΔΙΑΦΕΡΟΝΤΟΣ

Ο ΕΟΜΜΕΧ προκειμένου να στεγάσει το Ευρωπαϊκό Κέντρο Πληροφόρησης καθώς και τις υπηρεσίες του (Περιφερειακή & Παράρτημα) μέσα στην πόλη του Ηρακλείου, ενδιαφέρεται να ενοικιάσει χώρο συνολικής έκτασης 250-300 τ.μ. (ενιαίο ή κατανεμημένο σε ισόγειο και α' όροφο). Καλούνται οι ενδιαφερόμενοι να υποβάλλουν τις προσφορές τους μέχρι 15 Μαρτίου στα Γραφεία του ΕΟΜΜΕΧ - ΒΙΠΕ Ηρακλείου, οδός Α, Τ.Κ. 71408. Πληροφορίες δίδονται στα τηλέφωνα 225880 - 226810 (κ.κ. Σταυρακάκης - Αντωνακάκης).
